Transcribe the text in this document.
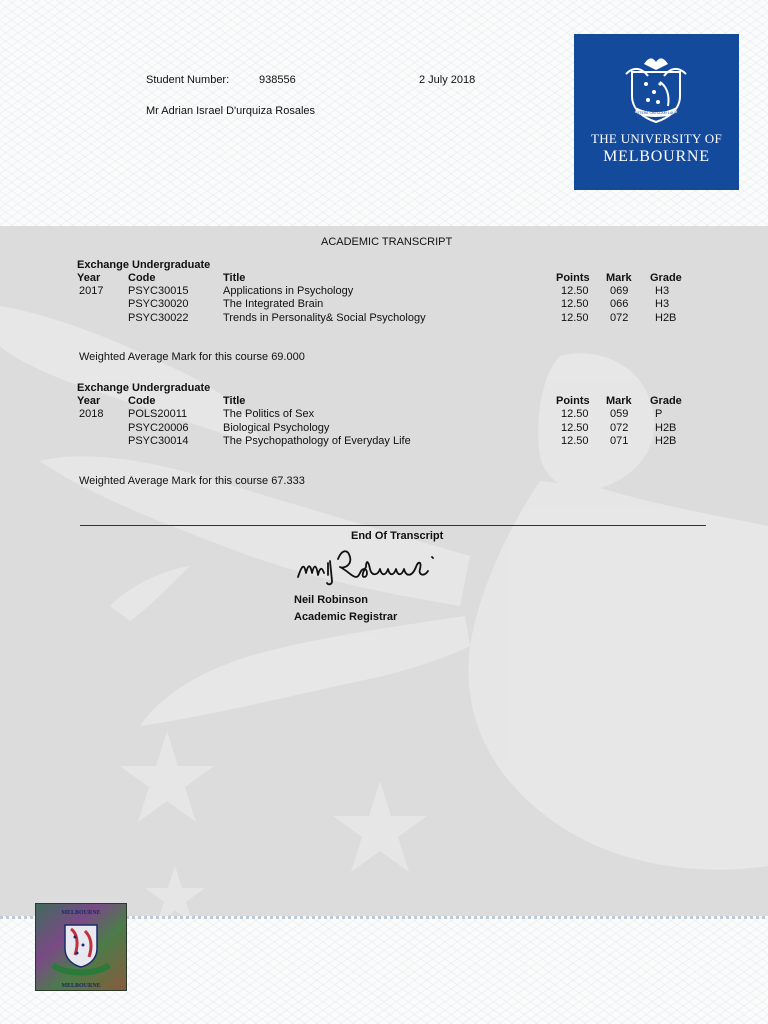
Student Number:	938556	2 July 2018
Mr Adrian Israel D'urquiza Rosales	POSTERA CRESCAM LAUDE
THE UNIVERSITY OF
MELBOURNE
ACADEMIC TRANSCRIPT
Exchange Undergraduate
Year	Code	Title	Points Mark Grade
2017 PSYC30015	Applications in Psychology	12.50 069 H3
PSYC30020	The Integrated Brain	12.50 066 H3
PSYC30022	Trends in Personality& Social Psychology	12.50 072 H2B
Weighted Average Mark for this course 69.000
Exchange Undergraduate
Year	Code	Title	Points Mark Grade
2018 POLS20011	The Politics of Sex	12.50 059 P
PSYC20006	Biological Psychology	12.50 072 H2B
PSYC30014	The Psychopathology of Everyday Life	12.50 071 H2B
Weighted Average Mark for this course 67.333
End Of Transcript
Neil Robinson
Academic Registrar
MELBOURNE
MELBOURNE
